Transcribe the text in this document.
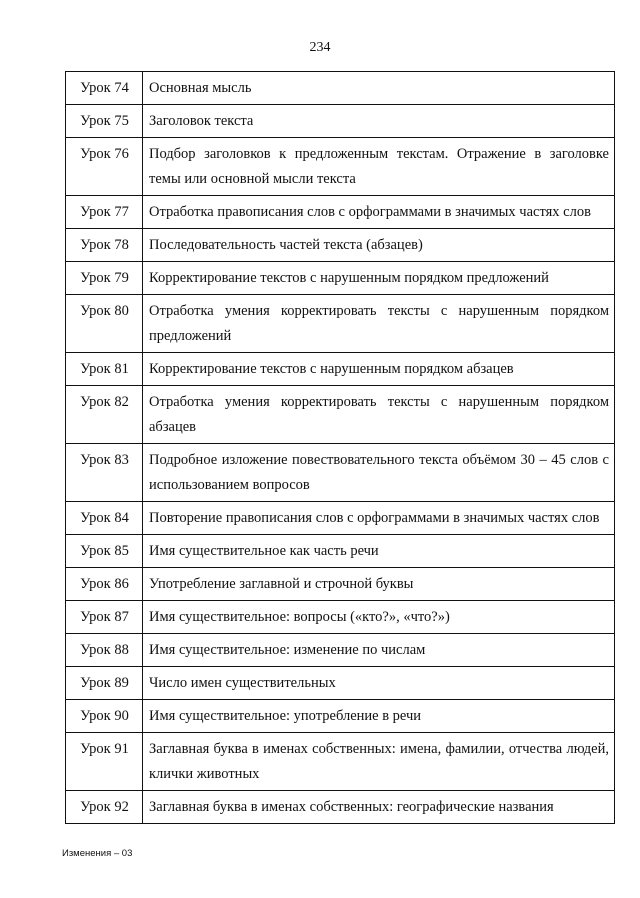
234
Урок 74	Основная мысль
Урок 75	Заголовок текста
Урок 76	Подбор заголовков к предложенным текстам. Отражение в заголовке темы или основной мысли текста
Урок 77	Отработка правописания слов с орфограммами в значимых частях слов
Урок 78	Последовательность частей текста (абзацев)
Урок 79	Корректирование текстов с нарушенным порядком предложений
Урок 80	Отработка умения корректировать тексты с нарушенным порядком предложений
Урок 81	Корректирование текстов с нарушенным порядком абзацев
Урок 82	Отработка умения корректировать тексты с нарушенным порядком абзацев
Урок 83	Подробное изложение повествовательного текста объёмом 30 – 45 слов с использованием вопросов
Урок 84	Повторение правописания слов с орфограммами в значимых частях слов
Урок 85	Имя существительное как часть речи
Урок 86	Употребление заглавной и строчной буквы
Урок 87	Имя существительное: вопросы («кто?», «что?»)
Урок 88	Имя существительное: изменение по числам
Урок 89	Число имен существительных
Урок 90	Имя существительное: употребление в речи
Урок 91	Заглавная буква в именах собственных: имена, фамилии, отчества людей, клички животных
Урок 92	Заглавная буква в именах собственных: географические названия
Изменения – 03
